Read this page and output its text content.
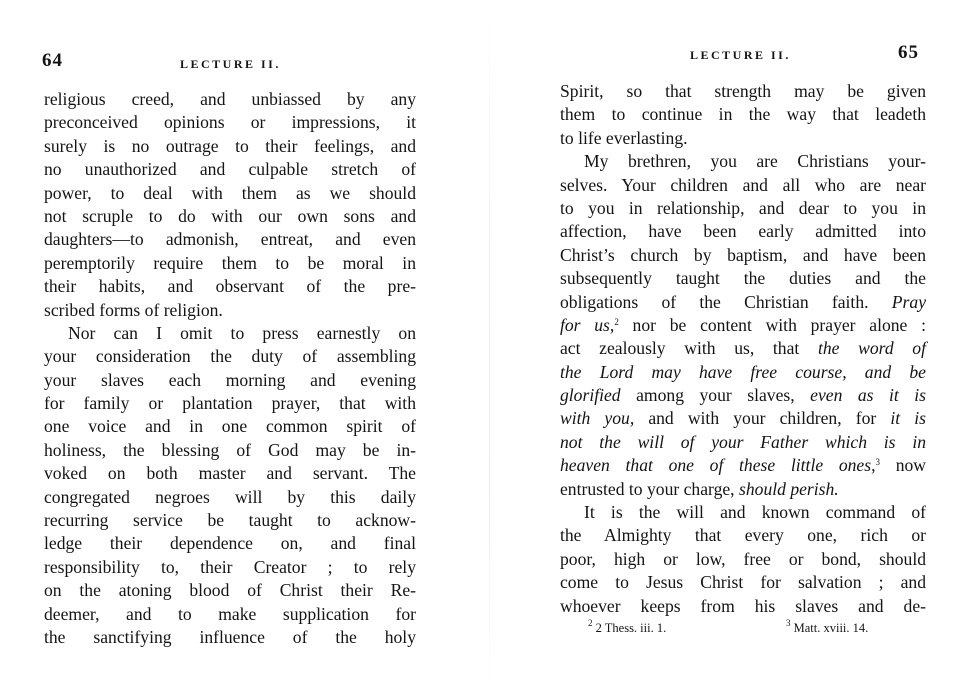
64	LECTURE II.
religious creed, and unbiassed by any
preconceived opinions or impressions, it
surely is no outrage to their feelings, and
no unauthorized and culpable stretch of
power, to deal with them as we should
not scruple to do with our own sons and
daughters—to admonish, entreat, and even
peremptorily require them to be moral in
their habits, and observant of the pre-
scribed forms of religion.
Nor can I omit to press earnestly on
your consideration the duty of assembling
your slaves each morning and evening
for family or plantation prayer, that with
one voice and in one common spirit of
holiness, the blessing of God may be in-
voked on both master and servant. The
congregated negroes will by this daily
recurring service be taught to acknow-
ledge their dependence on, and final
responsibility to, their Creator ; to rely
on the atoning blood of Christ their Re-
deemer, and to make supplication for
the sanctifying influence of the holy
LECTURE II.	65
Spirit, so that strength may be given
them to continue in the way that leadeth
to life everlasting.
My brethren, you are Christians your-
selves. Your children and all who are near
to you in relationship, and dear to you in
affection, have been early admitted into
Christ’s church by baptism, and have been
subsequently taught the duties and the
obligations of the Christian faith. Pray
for us,$^2$ nor be content with prayer alone :
act zealously with us, that the word of
the Lord may have free course, and be
glorified among your slaves, even as it is
with you, and with your children, for it is
not the will of your Father which is in
heaven that one of these little ones,$^3$ now
entrusted to your charge, should perish.
It is the will and known command of
the Almighty that every one, rich or
poor, high or low, free or bond, should
come to Jesus Christ for salvation ; and
whoever keeps from his slaves and de-
$^2$ 2 Thess. iii. 1.	$^3$ Matt. xviii. 14.
